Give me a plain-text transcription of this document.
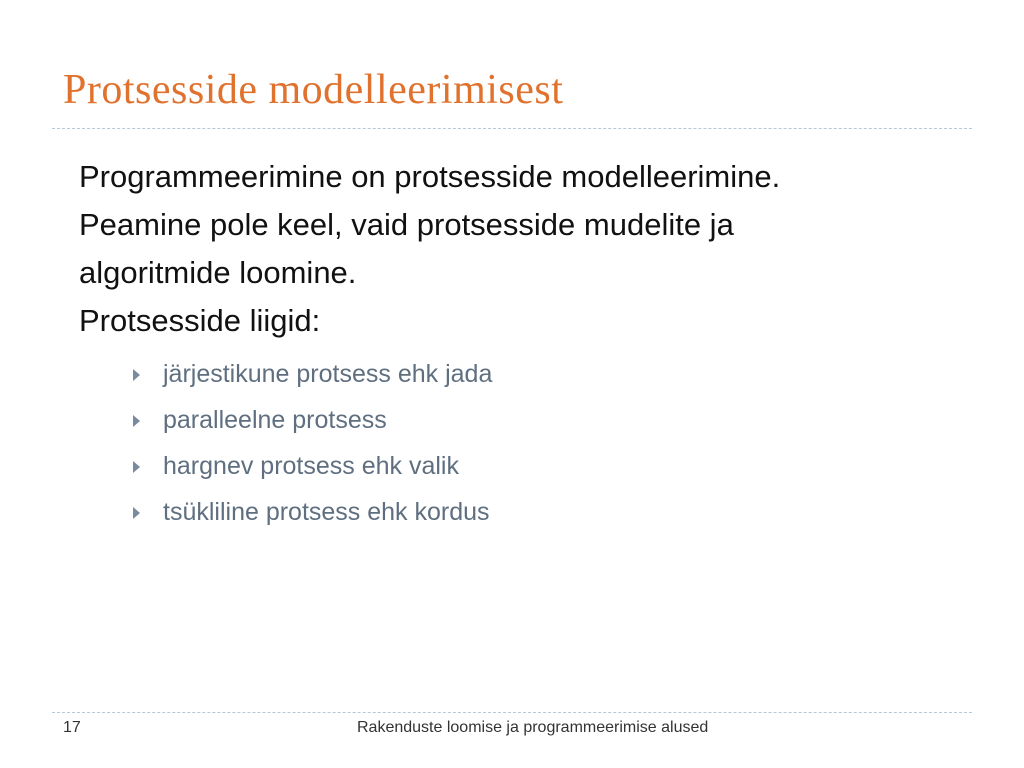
Protsesside modelleerimisest

Programmeerimine on protsesside modelleerimine.

Peamine pole keel, vaid protsesside mudelite ja

algoritmide loomine.

Protsesside liigid:

järjestikune protsess ehk jada
paralleelne protsess
hargnev protsess ehk valik
tsükliline protsess ehk kordus
17	Rakenduste loomise ja programmeerimise alused
